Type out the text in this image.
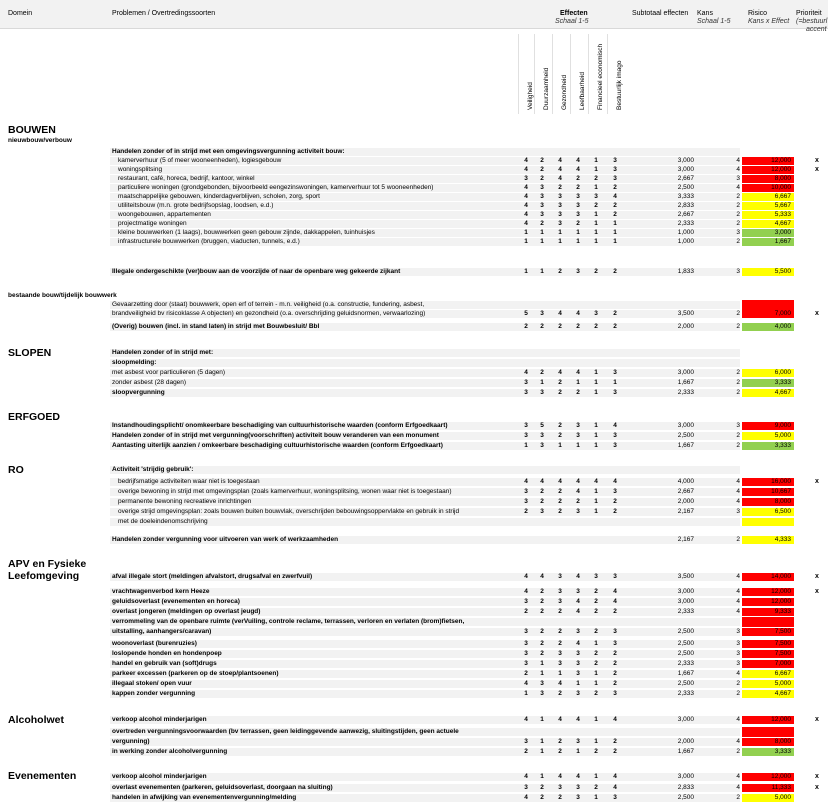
Domein	Problemen / Overtredingssoorten	Effecten
Schaal 1-5
Subtotaal effecten Kans
Schaal 1-5
Risico
Kans x Effect
Prioriteit
(=bestuurl
accent
Veiligheid Duurzaamheid Gezondheid Leefbaarheid Financieel economisch Bestuurlijk imago
BOUWEN
nieuwbouw/verbouw
Handelen zonder of in strijd met een omgevingsvergunning activiteit bouw:
kamerverhuur (5 of meer wooneenheden), logiesgebouw	4	2	4	4	1	3	3,000	4	12,000	x
woningsplitsing	4	2	4	4	1	3	3,000	4	12,000	x
restaurant, café, horeca, bedrijf, kantoor, winkel	3	2	4	2	2	3	2,667	3	8,000
particuliere woningen (grondgebonden, bijvoorbeeld eengezinswoningen, kamerverhuur tot 5 wooneenheden)	4	3	2	2	1	2	2,500	4	10,000
maatschappelijke gebouwen, kinderdagverblijven, scholen, zorg, sport	4	3	3	3	3	4	3,333	2	6,667
utiliteitsbouw (m.n. grote bedrijfsopslag, loodsen, e.d.)	4	3	3	3	2	2	2,833	2	5,667
woongebouwen, appartementen	4	3	3	3	1	2	2,667	2	5,333
projectmatige woningen	4	2	3	2	1	1	2,333	2	4,667
kleine bouwwerken (1 laags), bouwwerken geen gebouw zijnde, dakkappelen, tuinhuisjes	1	1	1	1	1	1	1,000	3	3,000
infrastructurele bouwwerken (bruggen, viaducten, tunnels, e.d.)	1	1	1	1	1	1	1,000	2	1,667
Illegale ondergeschikte (ver)bouw aan de voorzijde of naar de openbare weg gekeerde zijkant	1	1	2	3	2	2	1,833	3	5,500
bestaande bouw/tijdelijk bouwwerk
Gevaarzetting door (staat) bouwwerk, open erf of terrein - m.n. veiligheid (o.a. constructie, fundering, asbest,
brandveiligheid bv risicoklasse A objecten) en gezondheid (o.a. overschrijding geluidsnormen, verwaarlozing)	5	3	4	4	3	2	3,500	2	7,000	x
(Overig) bouwen (incl. in stand laten) in strijd met Bouwbesluit/ Bbl	2	2	2	2	2	2	2,000	2	4,000
SLOPEN	Handelen zonder of in strijd met:
sloopmelding:
met asbest voor particulieren (5 dagen)	4	2	4	4	1	3	3,000	2	6,000
zonder asbest (28 dagen)	3	1	2	1	1	1	1,667	2	3,333
sloopvergunning	3	3	2	2	1	3	2,333	2	4,667
ERFGOED
Instandhoudingsplicht/ onomkeerbare beschadiging van cultuurhistorische waarden (conform Erfgoedkaart)	3	5	2	3	1	4	3,000	3	9,000
Handelen zonder of in strijd met vergunning(voorschriften) activiteit bouw veranderen van een monument	3	3	2	3	1	3	2,500	2	5,000
Aantasting uiterlijk aanzien / omkeerbare beschadiging cultuurhistorische waarden (conform Erfgoedkaart)	1	3	1	1	1	3	1,667	2	3,333
RO	Activiteit 'strijdig gebruik':
bedrijfsmatige activiteiten waar niet is toegestaan	4	4	4	4	4	4	4,000	4	16,000	x
overige bewoning in strijd met omgevingsplan (zoals kamerverhuur, woningsplitsing, wonen waar niet is toegestaan)	3	2	2	4	1	3	2,667	4	10,667
permanente bewoning recreatieve inrichtingen	3	2	2	2	1	2	2,000	4	8,000
overige strijd omgevingsplan: zoals bouwen buiten bouwvlak, overschrijden bebouwingsoppervlakte en gebruik in strijd	2	3	2	3	1	2	2,167	3	6,500
met de doeleindenomschrijving
Handelen zonder vergunning voor uitvoeren van werk of werkzaamheden	2,167	2	4,333
APV en Fysieke
Leefomgeving	afval illegale stort (meldingen afvalstort, drugsafval en zwerfvuil)	4	4	3	4	3	3	3,500	4	14,000	x
vrachtwagenverbod kern Heeze	4	2	3	3	2	4	3,000	4	12,000	x
geluidsoverlast (evenementen en horeca)	3	2	3	4	2	4	3,000	4	12,000
overlast jongeren (meldingen op overlast jeugd)	2	2	2	4	2	2	2,333	4	9,333
verrommeling van de openbare ruimte (verVuiling, controle reclame, terrassen, verloren en verlaten (brom)fietsen,
uitstalling, aanhangers/caravan)	3	2	2	3	2	3	2,500	3	7,500
woonoverlast (burenruzies)	3	2	2	4	1	3	2,500	3	7,500
loslopende honden en hondenpoep	3	2	3	3	2	2	2,500	3	7,500
handel en gebruik van (soft)drugs	3	1	3	3	2	2	2,333	3	7,000
parkeer excessen (parkeren op de stoep/plantsoenen)	2	1	1	3	1	2	1,667	4	6,667
illegaal stoken/ open vuur	4	3	4	1	1	2	2,500	2	5,000
kappen zonder vergunning	1	3	2	3	2	3	2,333	2	4,667
Alcoholwet	verkoop alcohol minderjarigen	4	1	4	4	1	4	3,000	4	12,000	x
overtreden vergunningsvoorwaarden (bv terrassen, geen leidinggevende aanwezig, sluitingstijden, geen actuele
vergunning)	3	1	2	3	1	2	2,000	4	8,000
in werking zonder alcoholvergunning	2	1	2	1	2	2	1,667	2	3,333
Evenementen	verkoop alcohol minderjarigen	4	1	4	4	1	4	3,000	4	12,000	x
overlast evenementen (parkeren, geluidsoverlast, doorgaan na sluiting)	3	2	3	3	2	4	2,833	4	11,333	x
handelen in afwijking van evenementenvergunning/melding	4	2	2	3	1	3	2,500	2	5,000
